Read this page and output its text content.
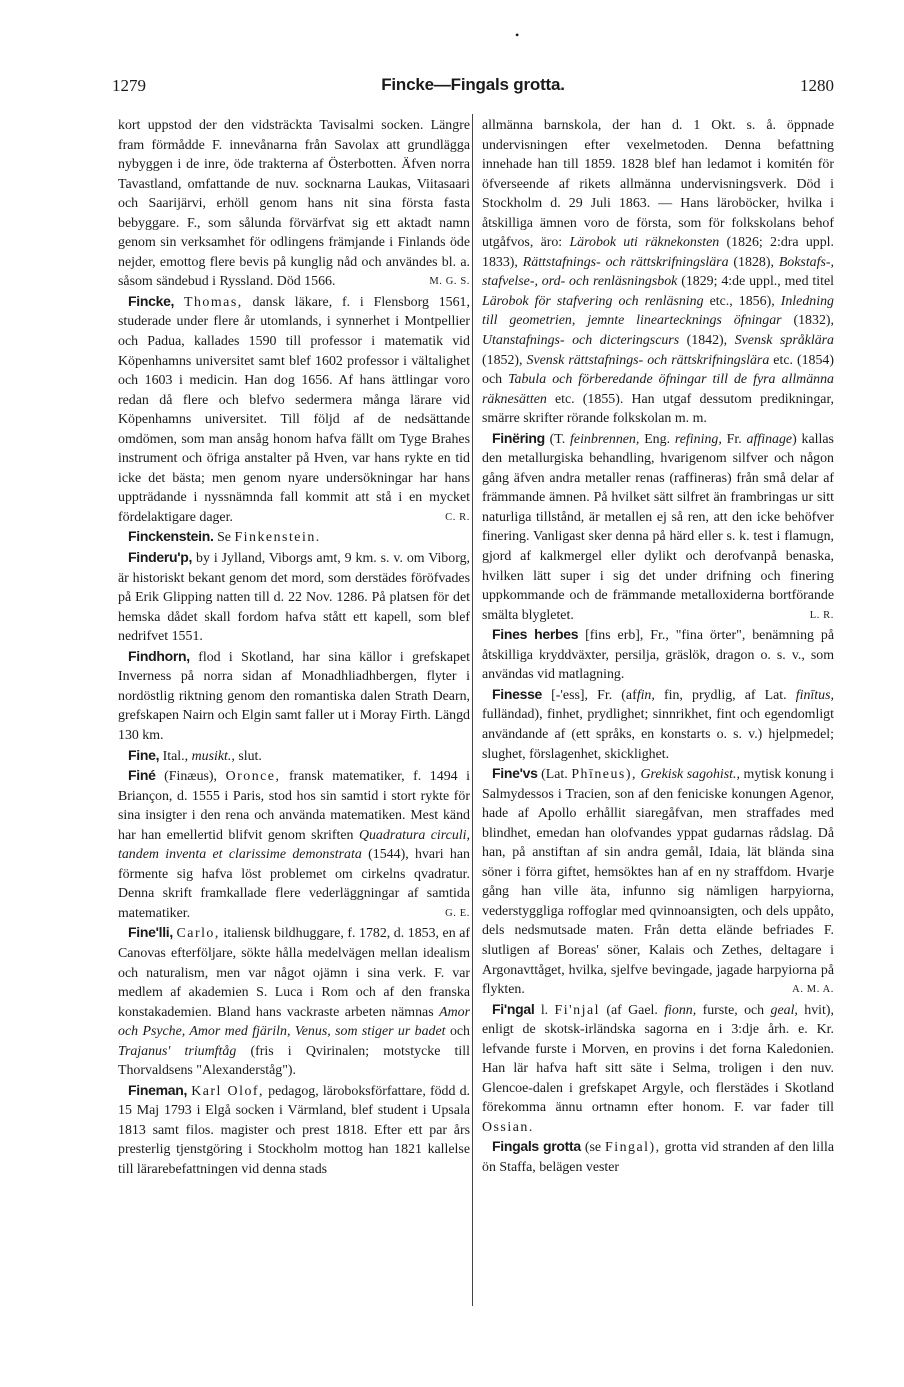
1279	Fincke—Fingals grotta.	1280
•

kort uppstod der den vidsträckta Tavisalmi socken. Längre fram förmådde F. innevånarna från Savolax att grundlägga nybyggen i de inre, öde trakterna af Österbotten. Äfven norra Tavastland, omfattande de nuv. socknarna Laukas, Viitasaari och Saarijärvi, erhöll genom hans nit sina första fasta bebyggare. F., som sålunda förvärfvat sig ett aktadt namn genom sin verksamhet för odlingens främjande i Finlands öde nejder, emottog flere bevis på kunglig nåd och användes bl. a. såsom sändebud i Ryssland. Död 1566.	M. G. S.

Fincke, Thomas, dansk läkare, f. i Flensborg 1561, studerade under flere år utomlands, i synnerhet i Montpellier och Padua, kallades 1590 till professor i matematik vid Köpenhamns universitet samt blef 1602 professor i vältalighet och 1603 i medicin. Han dog 1656. Af hans ättlingar voro redan då flere och blefvo sedermera många lärare vid Köpenhamns universitet. Till följd af de nedsättande omdömen, som man ansåg honom hafva fällt om Tyge Brahes instrument och öfriga anstalter på Hven, var hans rykte en tid icke det bästa; men genom nyare undersökningar har hans uppträdande i nyssnämnda fall kommit att stå i en mycket fördelaktigare dager.	C. R.

Finckenstein. Se Finkenstein.

Finderu'p, by i Jylland, Viborgs amt, 9 km. s. v. om Viborg, är historiskt bekant genom det mord, som derstädes föröfvades på Erik Glipping natten till d. 22 Nov. 1286. På platsen för det hemska dådet skall fordom hafva stått ett kapell, som blef nedrifvet 1551.

Findhorn, flod i Skotland, har sina källor i grefskapet Inverness på norra sidan af Monadhliadhbergen, flyter i nordöstlig riktning genom den romantiska dalen Strath Dearn, grefskapen Nairn och Elgin samt faller ut i Moray Firth. Längd 130 km.

Fine, Ital., musikt., slut.

Finé (Finæus), Oronce, fransk matematiker, f. 1494 i Briançon, d. 1555 i Paris, stod hos sin samtid i stort rykte för sina insigter i den rena och använda matematiken. Mest känd har han emellertid blifvit genom skriften Quadratura circuli, tandem inventa et clarissime demonstrata (1544), hvari han förmente sig hafva löst problemet om cirkelns qvadratur. Denna skrift framkallade flere vederläggningar af samtida matematiker.	G. E.

Fine'lli, Carlo, italiensk bildhuggare, f. 1782, d. 1853, en af Canovas efterföljare, sökte hålla medelvägen mellan idealism och naturalism, men var något ojämn i sina verk. F. var medlem af akademien S. Luca i Rom och af den franska konstakademien. Bland hans vackraste arbeten nämnas Amor och Psyche, Amor med fjäriln, Venus, som stiger ur badet och Trajanus' triumftåg (fris i Qvirinalen; motstycke till Thorvaldsens "Alexanderståg").

Fineman, Karl Olof, pedagog, läroboksförfattare, född d. 15 Maj 1793 i Elgå socken i Värmland, blef student i Upsala 1813 samt filos. magister och prest 1818. Efter ett par års presterlig tjenstgöring i Stockholm mottog han 1821 kallelse till lärarebefattningen vid denna stads

allmänna barnskola, der han d. 1 Okt. s. å. öppnade undervisningen efter vexelmetoden. Denna befattning innehade han till 1859. 1828 blef han ledamot i komitén för öfverseende af rikets allmänna undervisningsverk. Död i Stockholm d. 29 Juli 1863. — Hans läroböcker, hvilka i åtskilliga ämnen voro de första, som för folkskolans behof utgåfvos, äro: Lärobok uti räknekonsten (1826; 2:dra uppl. 1833), Rättstafnings- och rättskrifningslära (1828), Bokstafs-, stafvelse-, ord- och renläsningsbok (1829; 4:de uppl., med titel Lärobok för stafvering och renläsning etc., 1856), Inledning till geometrien, jemnte lineartecknings öfningar (1832), Utanstafnings- och dicteringscurs (1842), Svensk språklära (1852), Svensk rättstafnings- och rättskrifningslära etc. (1854) och Tabula och förberedande öfningar till de fyra allmänna räknesätten etc. (1855). Han utgaf dessutom predikningar, smärre skrifter rörande folkskolan m. m.

Finëring (T. feinbrennen, Eng. refining, Fr. affinage) kallas den metallurgiska behandling, hvarigenom silfver och någon gång äfven andra metaller renas (raffineras) från små delar af främmande ämnen. På hvilket sätt silfret än frambringas ur sitt naturliga tillstånd, är metallen ej så ren, att den icke behöfver finering. Vanligast sker denna på härd eller s. k. test i flamugn, gjord af kalkmergel eller dylikt och derofvanpå benaska, hvilken lätt super i sig det under drifning och finering uppkommande och de främmande metalloxiderna bortförande smälta blygletet.	L. R.

Fines herbes [fins erb], Fr., "fina örter", benämning på åtskilliga kryddväxter, persilja, gräslök, dragon o. s. v., som användas vid matlagning.

Finesse [-'ess], Fr. (affin, fin, prydlig, af Lat. finītus, fulländad), finhet, prydlighet; sinnrikhet, fint och egendomligt användande af (ett språks, en konstarts o. s. v.) hjelpmedel; slughet, förslagenhet, skicklighet.

Fine'vs (Lat. Phīneus), Grekisk sagohist., mytisk konung i Salmydessos i Tracien, son af den feniciske konungen Agenor, hade af Apollo erhållit siaregåfvan, men straffades med blindhet, emedan han olofvandes yppat gudarnas rådslag. Då han, på anstiftan af sin andra gemål, Idaia, lät blända sina söner i förra giftet, hemsöktes han af en ny straffdom. Hvarje gång han ville äta, infunno sig nämligen harpyiorna, vederstyggliga roffoglar med qvinnoansigten, och dels uppåto, dels nedsmutsade maten. Från detta elände befriades F. slutligen af Boreas' söner, Kalais och Zethes, deltagare i Argonavttåget, hvilka, sjelfve bevingade, jagade harpyiorna på flykten.	A. M. A.

Fi'ngal l. Fi'njal (af Gael. fionn, furste, och geal, hvit), enligt de skotsk-irländska sagorna en i 3:dje årh. e. Kr. lefvande furste i Morven, en provins i det forna Kaledonien. Han lär hafva haft sitt säte i Selma, troligen i den nuv. Glencoe-dalen i grefskapet Argyle, och flerstädes i Skotland förekomma ännu ortnamn efter honom. F. var fader till Ossian.

Fingals grotta (se Fingal), grotta vid stranden af den lilla ön Staffa, belägen vester
